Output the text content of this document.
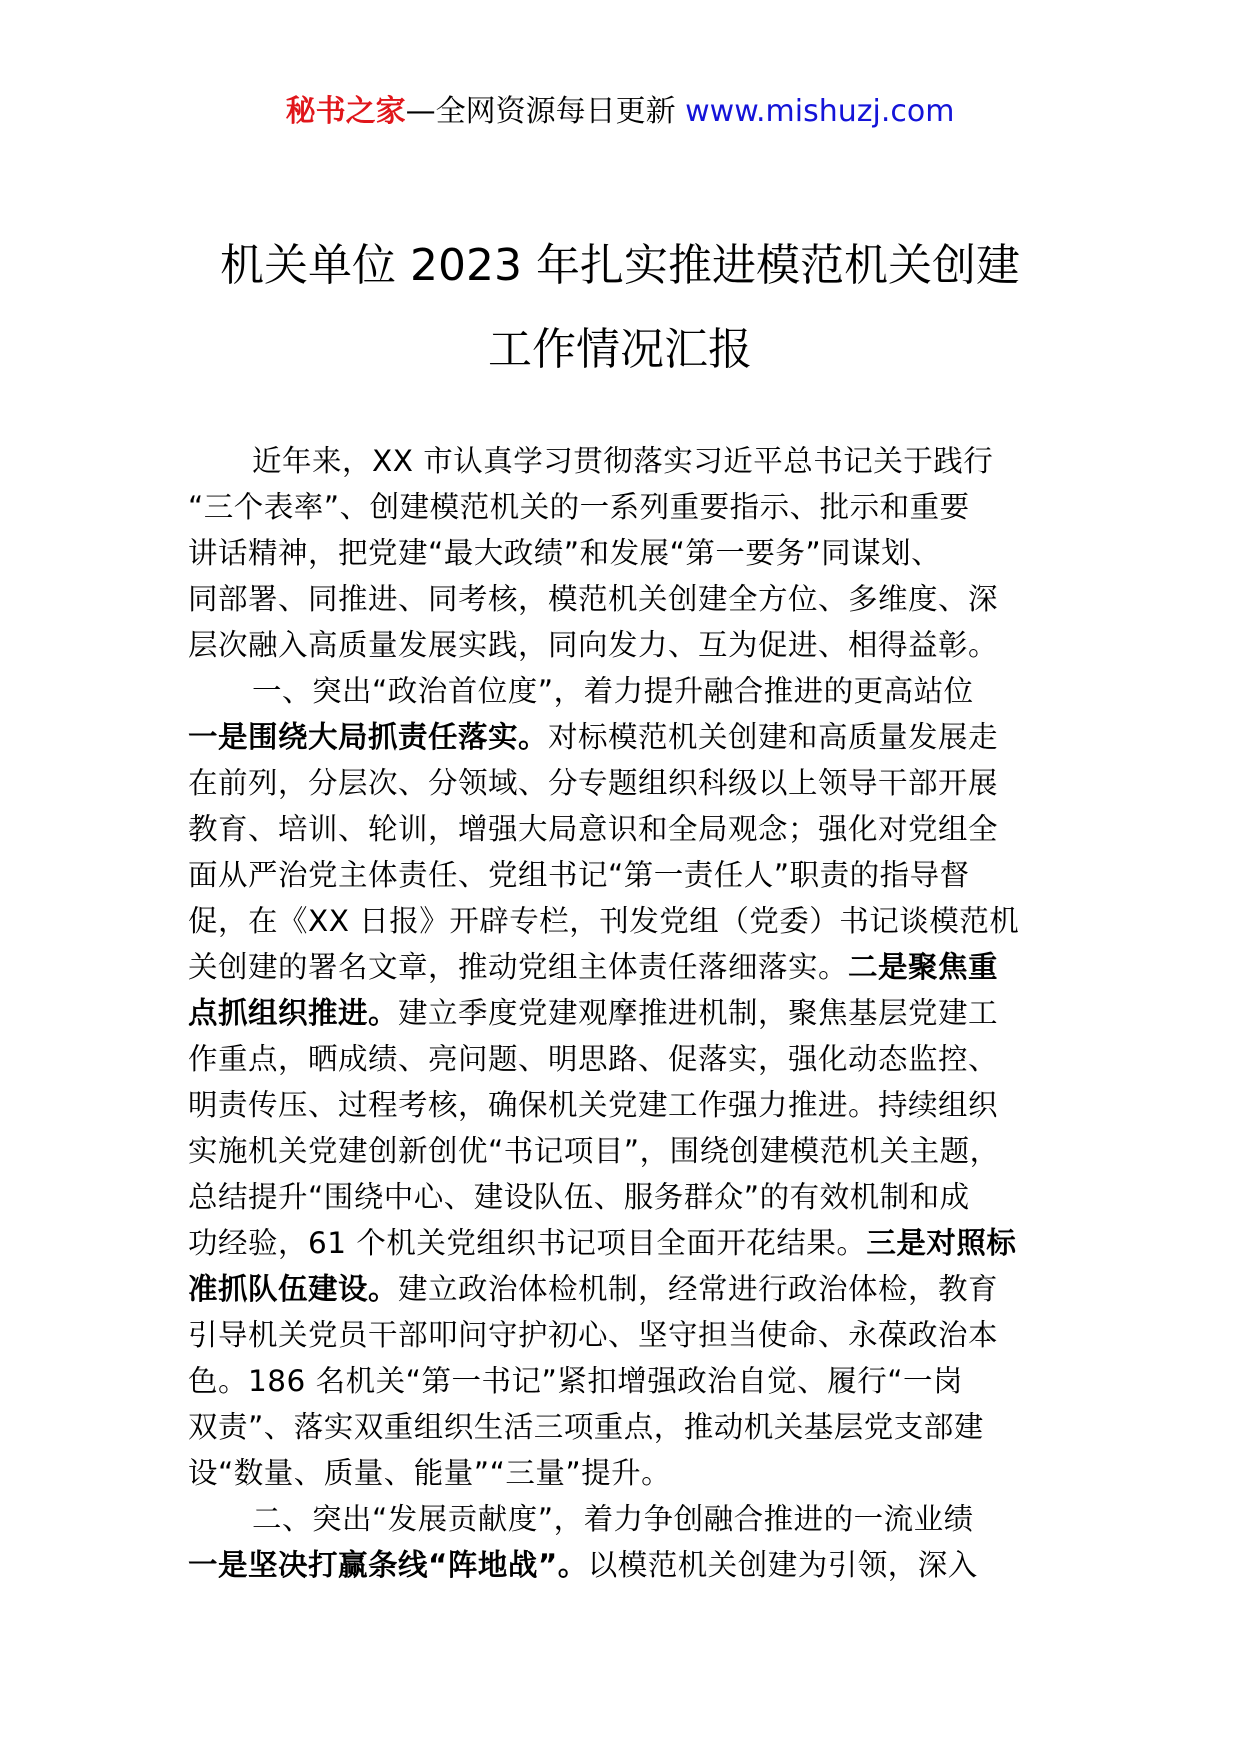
秘书之家—全网资源每日更新 www.mishuzj.com
机关单位 2023 年扎实推进模范机关创建
工作情况汇报
近年来，XX 市认真学习贯彻落实习近平总书记关于践行
“三个表率”、创建模范机关的一系列重要指示、批示和重要
讲话精神，把党建“最大政绩”和发展“第一要务”同谋划、
同部署、同推进、同考核，模范机关创建全方位、多维度、深
层次融入高质量发展实践，同向发力、互为促进、相得益彰。
一、突出“政治首位度”，着力提升融合推进的更高站位
一是围绕大局抓责任落实。对标模范机关创建和高质量发展走
在前列，分层次、分领域、分专题组织科级以上领导干部开展
教育、培训、轮训，增强大局意识和全局观念；强化对党组全
面从严治党主体责任、党组书记“第一责任人”职责的指导督
促，在《XX 日报》开辟专栏，刊发党组（党委）书记谈模范机
关创建的署名文章，推动党组主体责任落细落实。二是聚焦重
点抓组织推进。建立季度党建观摩推进机制，聚焦基层党建工
作重点，晒成绩、亮问题、明思路、促落实，强化动态监控、
明责传压、过程考核，确保机关党建工作强力推进。持续组织
实施机关党建创新创优“书记项目”，围绕创建模范机关主题，
总结提升“围绕中心、建设队伍、服务群众”的有效机制和成
功经验，61 个机关党组织书记项目全面开花结果。三是对照标
准抓队伍建设。建立政治体检机制，经常进行政治体检，教育
引导机关党员干部叩问守护初心、坚守担当使命、永葆政治本
色。186 名机关“第一书记”紧扣增强政治自觉、履行“一岗
双责”、落实双重组织生活三项重点，推动机关基层党支部建
设“数量、质量、能量”“三量”提升。
二、突出“发展贡献度”，着力争创融合推进的一流业绩
一是坚决打赢条线“阵地战”。以模范机关创建为引领，深入
